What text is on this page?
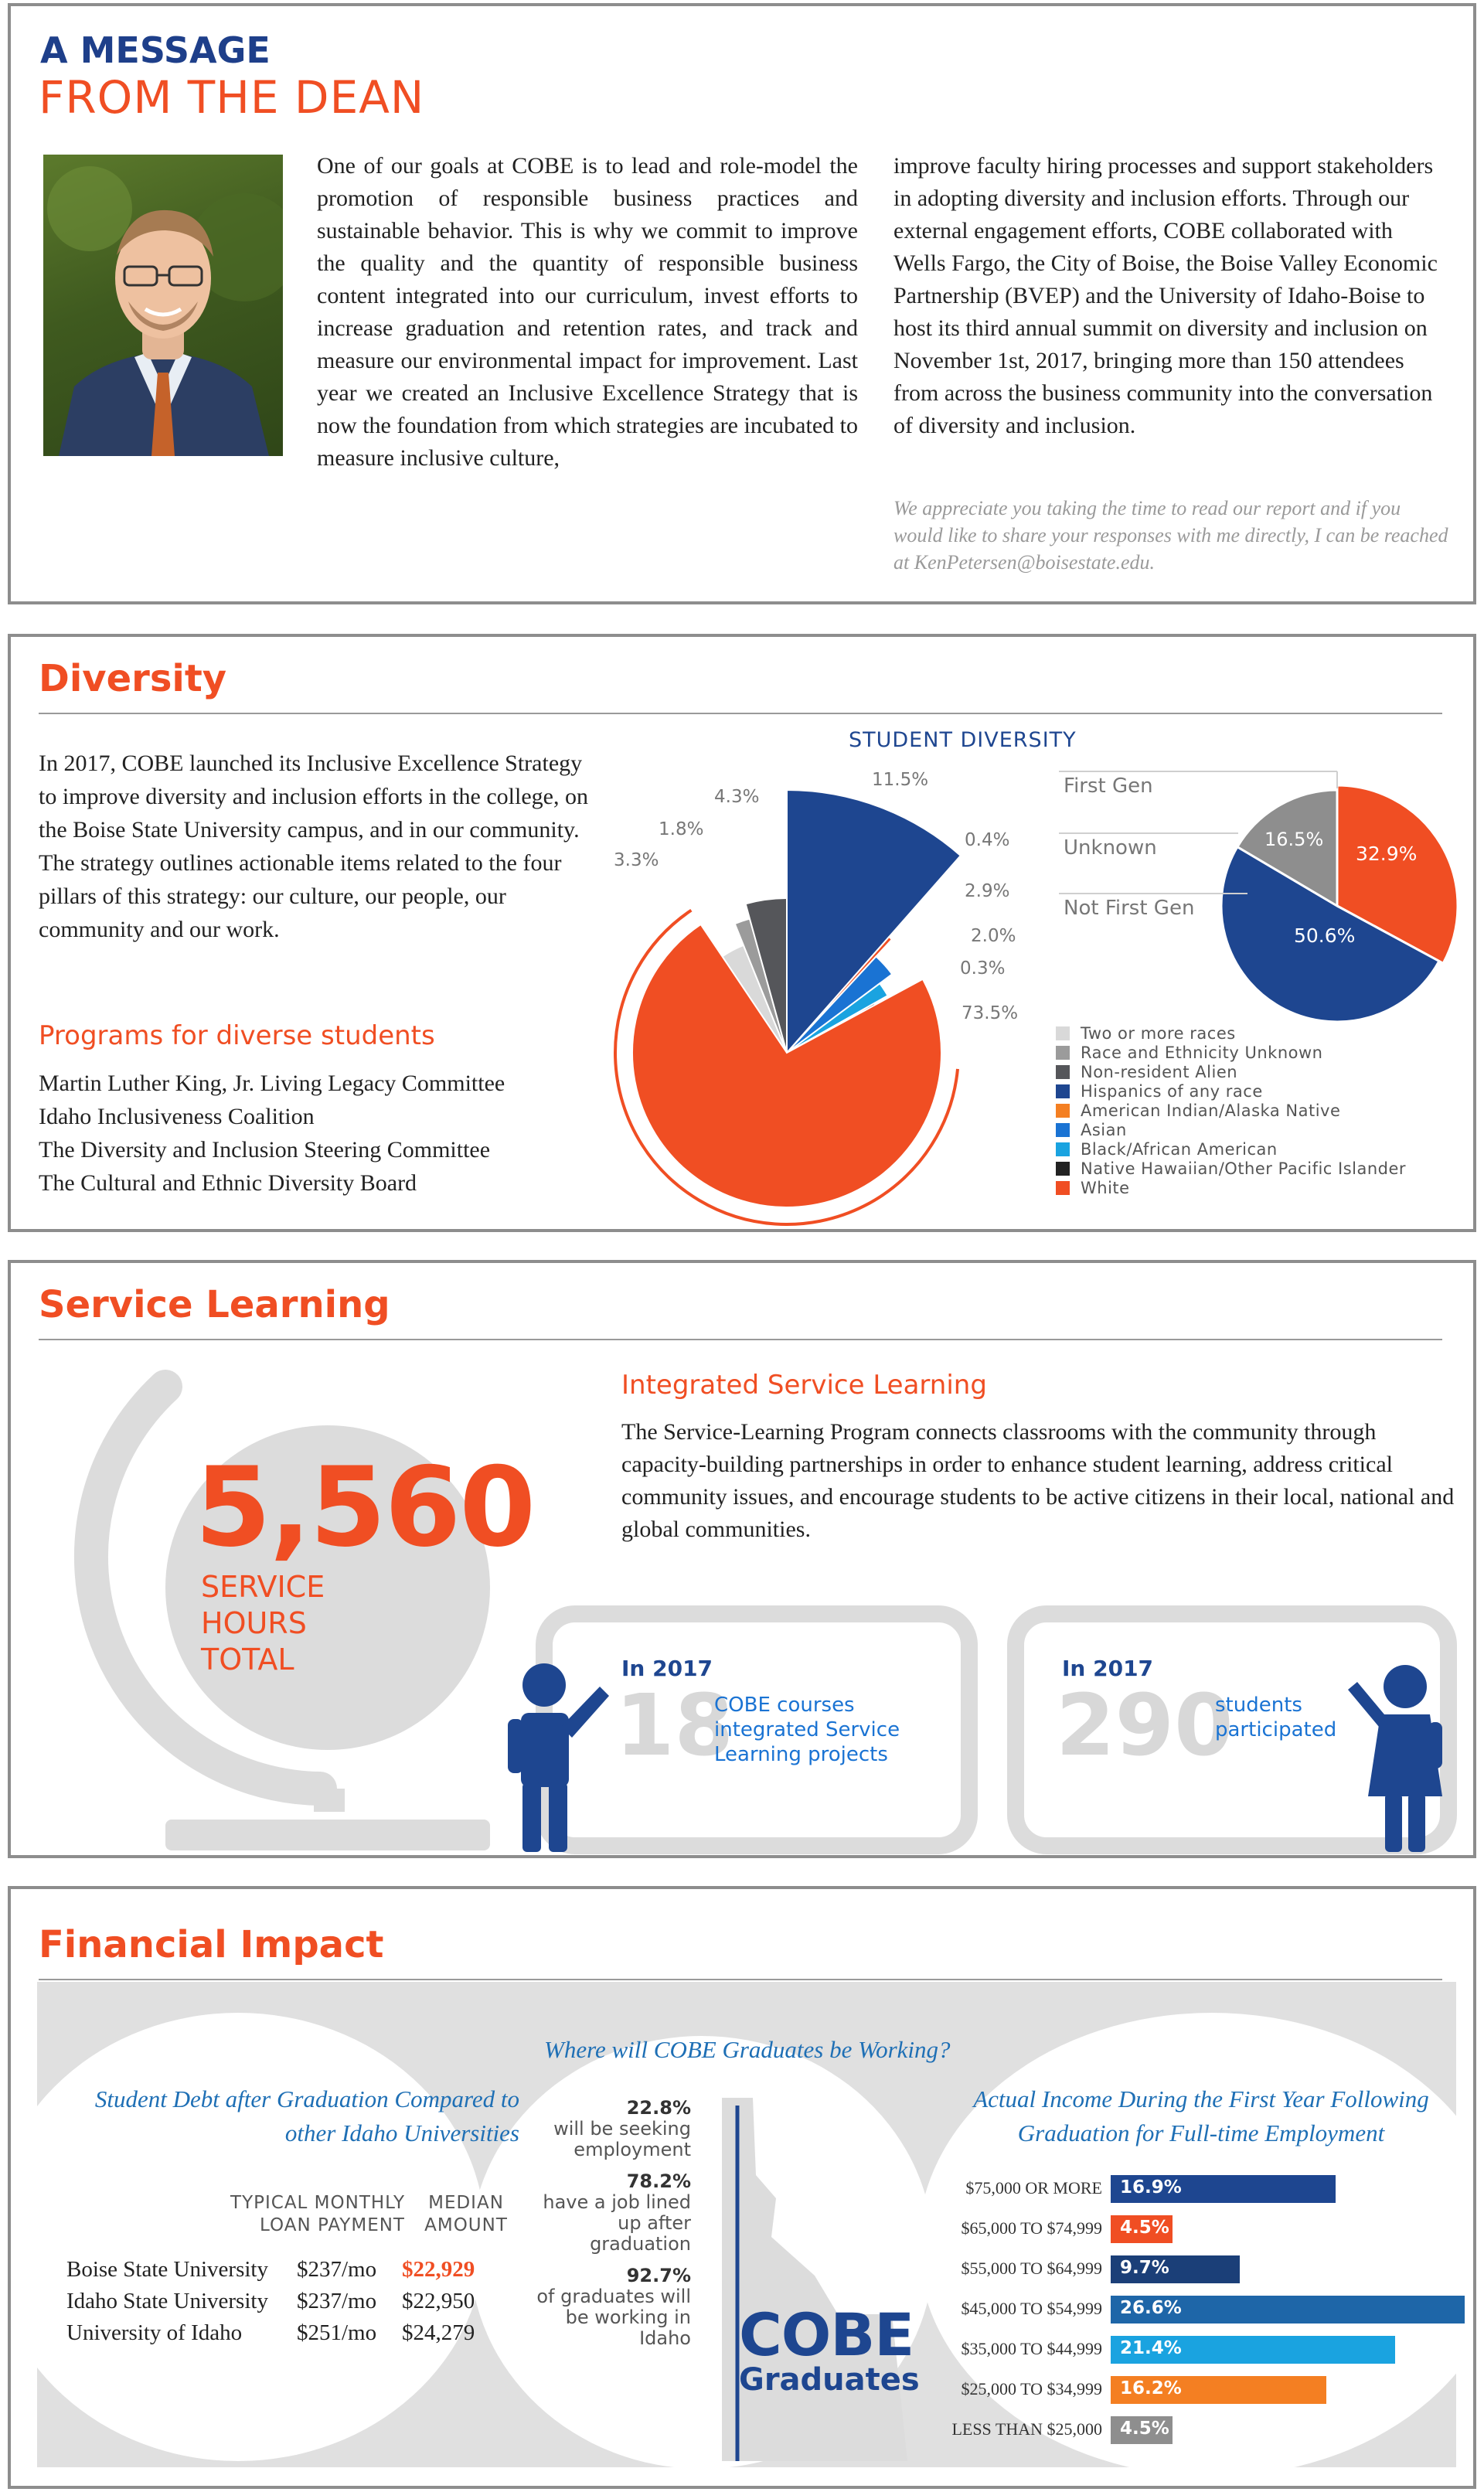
A MESSAGE
FROM THE DEAN
One of our goals at COBE is to lead and role-model the promotion of responsible business practices and sustainable behavior. This is why we commit to improve the quality and the quantity of responsible business content integrated into our curriculum, invest efforts to increase graduation and retention rates, and track and measure our environmental impact for improvement. Last year we created an Inclusive Excellence Strategy that is now the foundation from which strategies are incubated to measure inclusive culture,
improve faculty hiring processes and support stakeholders in adopting diversity and inclusion efforts. Through our external engagement efforts, COBE collaborated with Wells Fargo, the City of Boise, the Boise Valley Economic Partnership (BVEP) and the University of Idaho-Boise to host its third annual summit on diversity and inclusion on November 1st, 2017, bringing more than 150 attendees from across the business community into the conversation of diversity and inclusion.
We appreciate you taking the time to read our report and if you would like to share your responses with me directly, I can be reached at KenPetersen@boisestate.edu.
Diversity
In 2017, COBE launched its Inclusive Excellence Strategy to improve diversity and inclusion efforts in the college, on the Boise State University campus, and in our community. The strategy outlines actionable items related to the four pillars of this strategy: our culture, our people, our community and our work.
Programs for diverse students
Martin Luther King, Jr. Living Legacy Committee
Idaho Inclusiveness Coalition
The Diversity and Inclusion Steering Committee
The Cultural and Ethnic Diversity Board
STUDENT DIVERSITY
3.3%
1.8%
4.3%
11.5%
0.4%
2.9%
2.0%
0.3%
73.5%
First Gen
Unknown
Not First Gen
32.9%
16.5%
50.6%
Two or more races
Race and Ethnicity Unknown
Non-resident Alien
Hispanics of any race
American Indian/Alaska Native
Asian
Black/African American
Native Hawaiian/Other Pacific Islander
White
Service Learning
5,560
SERVICE
HOURS
TOTAL
Integrated Service Learning
The Service-Learning Program connects classrooms with the community through capacity-building partnerships in order to enhance student learning, address critical community issues, and encourage students to be active citizens in their local, national and global communities.
In 2017
18
COBE courses integrated Service Learning projects
In 2017
290
students participated
Financial Impact
Where will COBE Graduates be Working?
Student Debt after Graduation Compared to other Idaho Universities
TYPICAL MONTHLY LOAN PAYMENT
MEDIAN AMOUNT
Boise State University	$237/mo	$22,929
Idaho State University	$237/mo	$22,950
University of Idaho	$251/mo	$24,279
22.8%
will be seeking employment
78.2%
have a job lined up after graduation
92.7%
of graduates will be working in Idaho COBE
Graduates
Actual Income During the First Year Following Graduation for Full-time Employment
$75,000 OR MORE 16.9%
$65,000 TO $74,999 4.5%
$55,000 TO $64,999 9.7%
$45,000 TO $54,999 26.6%
$35,000 TO $44,999 21.4%
$25,000 TO $34,999 16.2%
LESS THAN $25,000 4.5%
